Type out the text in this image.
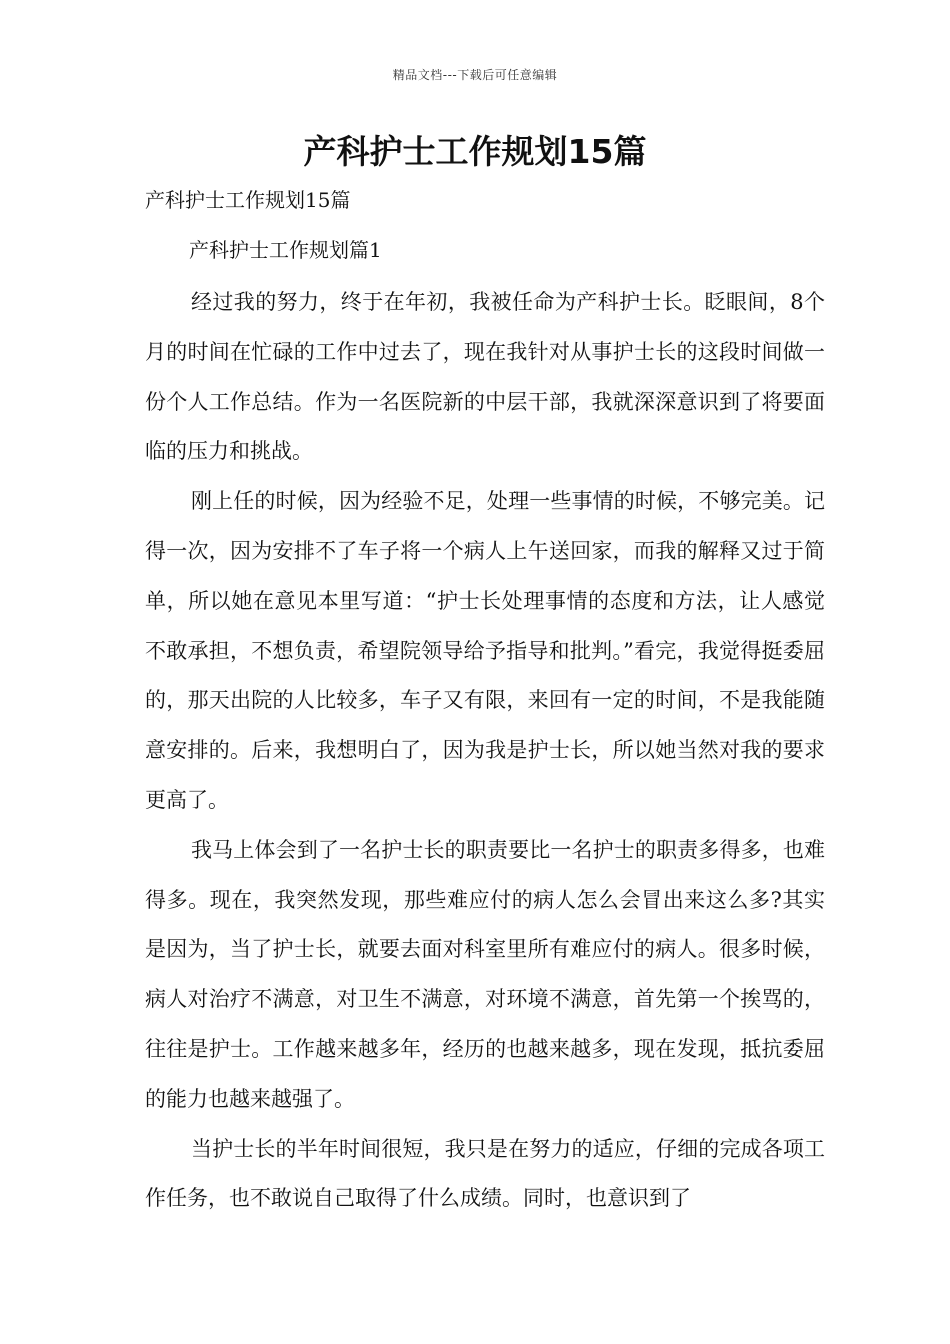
精品文档---下载后可任意编辑
产科护士工作规划15篇

产科护士工作规划15篇

产科护士工作规划篇1

经过我的努力，终于在年初，我被任命为产科护士长。眨眼间，8个月的时间在忙碌的工作中过去了，现在我针对从事护士长的这段时间做一份个人工作总结。作为一名医院新的中层干部，我就深深意识到了将要面临的压力和挑战。

刚上任的时候，因为经验不足，处理一些事情的时候，不够完美。记得一次，因为安排不了车子将一个病人上午送回家，而我的解释又过于简单，所以她在意见本里写道：“护士长处理事情的态度和方法，让人感觉不敢承担，不想负责，希望院领导给予指导和批判。”看完，我觉得挺委屈的，那天出院的人比较多，车子又有限，来回有一定的时间，不是我能随意安排的。后来，我想明白了，因为我是护士长，所以她当然对我的要求更高了。

我马上体会到了一名护士长的职责要比一名护士的职责多得多，也难得多。现在，我突然发现，那些难应付的病人怎么会冒出来这么多?其实是因为，当了护士长，就要去面对科室里所有难应付的病人。很多时候，病人对治疗不满意，对卫生不满意，对环境不满意，首先第一个挨骂的，往往是护士。工作越来越多年，经历的也越来越多，现在发现，抵抗委屈的能力也越来越强了。

当护士长的半年时间很短，我只是在努力的适应，仔细的完成各项工作任务，也不敢说自己取得了什么成绩。同时，也意识到了
